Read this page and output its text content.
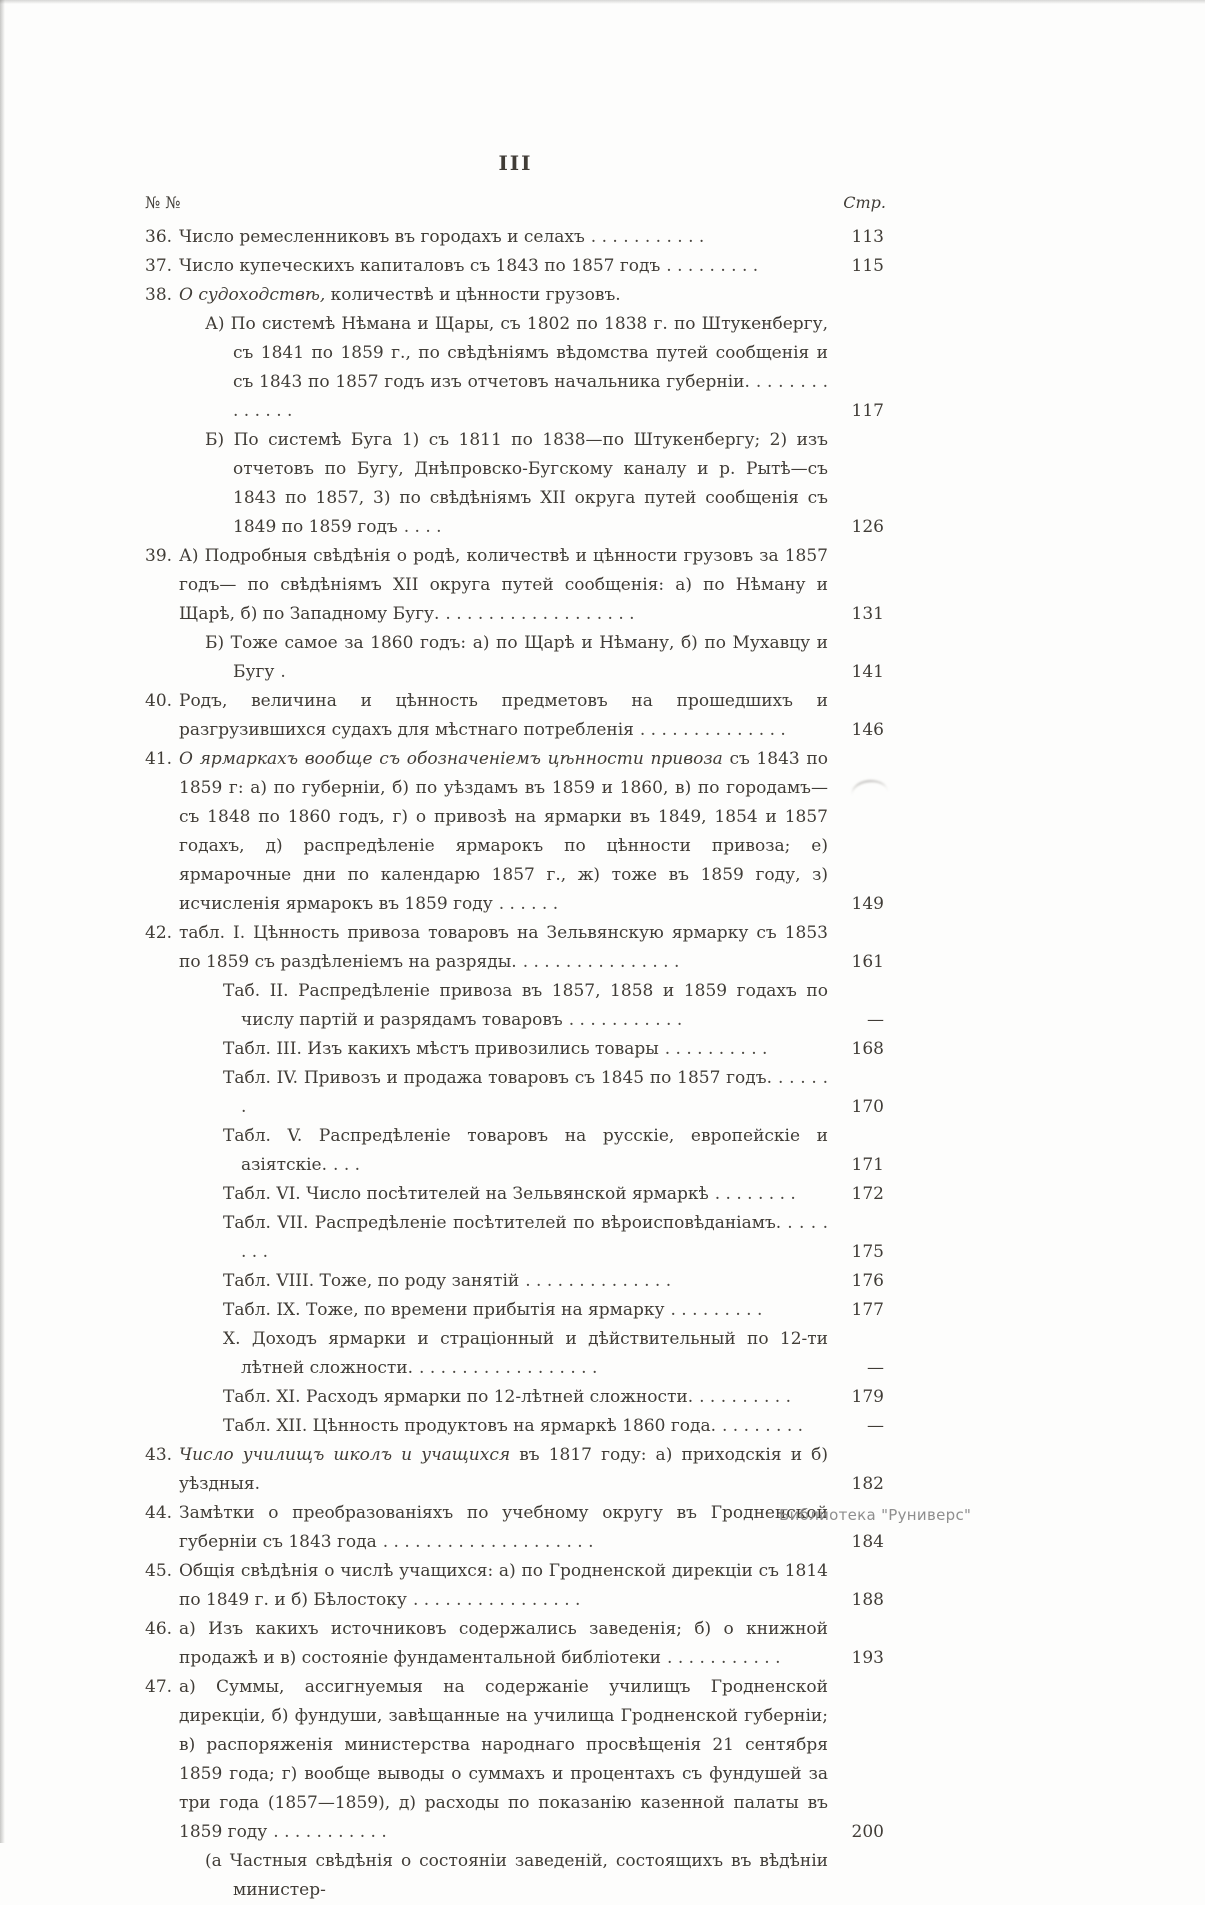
III
№ №	Стр.
36. Число ремесленниковъ въ городахъ и селахъ . . . . . . . . . . .	113
37. Число купеческихъ капиталовъ съ 1843 по 1857 годъ . . . . . . . . .	115
38. О судоходствѣ, количествѣ и цѣнности грузовъ.
А) По системѣ Нѣмана и Щары, съ 1802 по 1838 г. по Штукенбергу, съ 1841 по 1859 г., по свѣдѣніямъ вѣдомства путей сообщенія и съ 1843 по 1857 годъ изъ отчетовъ начальника губерніи. . . . . . . . . . . . . .	117
Б) По системѣ Буга 1) съ 1811 по 1838—по Штукенбергу; 2) изъ отчетовъ по Бугу, Днѣпровско-Бугскому каналу и р. Рытѣ—съ 1843 по 1857, 3) по свѣдѣніямъ XII округа путей сообщенія съ 1849 по 1859 годъ . . . .	126
39. А) Подробныя свѣдѣнія о родѣ, количествѣ и цѣнности грузовъ за 1857 годъ— по свѣдѣніямъ XII округа путей сообщенія: а) по Нѣману и Щарѣ, б) по Западному Бугу. . . . . . . . . . . . . . . . . . .	131
Б) Тоже самое за 1860 годъ: а) по Щарѣ и Нѣману, б) по Мухавцу и Бугу .	141
40. Родъ, величина и цѣнность предметовъ на прошедшихъ и разгрузившихся судахъ для мѣстнаго потребленія . . . . . . . . . . . . . .	146
41. О ярмаркахъ вообще съ обозначеніемъ цѣнности привоза съ 1843 по 1859 г: а) по губерніи, б) по уѣздамъ въ 1859 и 1860, в) по городамъ—съ 1848 по 1860 годъ, г) о привозѣ на ярмарки въ 1849, 1854 и 1857 годахъ, д) распредѣленіе ярмарокъ по цѣнности привоза; е) ярмарочные дни по календарю 1857 г., ж) тоже въ 1859 году, з) исчисленія ярмарокъ въ 1859 году . . . . . .	149
42. табл. I. Цѣнность привоза товаровъ на Зельвянскую ярмарку съ 1853 по 1859 съ раздѣленіемъ на разряды. . . . . . . . . . . . . . . .	161
Таб. II. Распредѣленіе привоза въ 1857, 1858 и 1859 годахъ по числу партій и разрядамъ товаровъ . . . . . . . . . . .	—
Табл. III. Изъ какихъ мѣстъ привозились товары . . . . . . . . . .	168
Табл. IV. Привозъ и продажа товаровъ съ 1845 по 1857 годъ. . . . . . .	170
Табл. V. Распредѣленіе товаровъ на русскіе, европейскіе и азіятскіе. . . .	171
Табл. VI. Число посѣтителей на Зельвянской ярмаркѣ . . . . . . . .	172
Табл. VII. Распредѣленіе посѣтителей по вѣроисповѣданіамъ. . . . . . . .	175
Табл. VIII. Тоже, по роду занятій . . . . . . . . . . . . . .	176
Табл. IX. Тоже, по времени прибытія на ярмарку . . . . . . . . .	177
X. Доходъ ярмарки и страціонный и дѣйствительный по 12-ти лѣтней сложности. . . . . . . . . . . . . . . . . .	—
Табл. XI. Расходъ ярмарки по 12-лѣтней сложности. . . . . . . . . .	179
Табл. XII. Цѣнность продуктовъ на ярмаркѣ 1860 года. . . . . . . . .	—
43. Число училищъ школъ и учащихся въ 1817 году: а) приходскія и б) уѣздныя.	182
44. Замѣтки о преобразованіяхъ по учебному округу въ Гродненской губерніи съ 1843 года . . . . . . . . . . . . . . . . . . . .	184
45. Общія свѣдѣнія о числѣ учащихся: а) по Гродненской дирекціи съ 1814 по 1849 г. и б) Бѣлостоку . . . . . . . . . . . . . . . .	188
46. а) Изъ какихъ источниковъ содержались заведенія; б) о книжной продажѣ и в) состояніе фундаментальной библіотеки . . . . . . . . . . .	193
47. а) Суммы, ассигнуемыя на содержаніе училищъ Гродненской дирекціи, б) фундуши, завѣщанные на училища Гродненской губерніи; в) распоряженія министерства народнаго просвѣщенія 21 сентября 1859 года; г) вообще выводы о суммахъ и процентахъ съ фундушей за три года (1857—1859), д) расходы по показанію казенной палаты въ 1859 году . . . . . . . . . . .	200
(а Частныя свѣдѣнія о состояніи заведеній, состоящихъ въ вѣдѣніи министер-
Библиотека "Руниверс"
